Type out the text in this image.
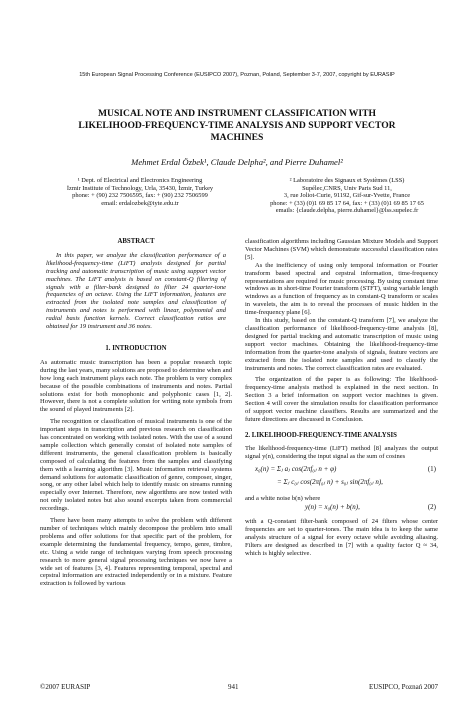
15th European Signal Processing Conference (EUSIPCO 2007), Poznan, Poland, September 3-7, 2007, copyright by EURASIP
MUSICAL NOTE AND INSTRUMENT CLASSIFICATION WITH
LIKELIHOOD-FREQUENCY-TIME ANALYSIS AND SUPPORT VECTOR
MACHINES
Mehmet Erdal Özbek¹, Claude Delpha², and Pierre Duhamel²
¹ Dept. of Electrical and Electronics Engineering
İzmir Institute of Technology, Urla, 35430, İzmir, Turkey
phone: + (90) 232 7506595, fax: + (90) 232 7506599
email: erdalozbek@iyte.edu.tr
² Laboratoire des Signaux et Systèmes (LSS)
Supélec,CNRS, Univ Paris Sud 11,
3, rue Joliot-Curie, 91192, Gif-sur-Yvette, France
phone: + (33) (0)1 69 85 17 64, fax: + (33) (0)1 69 85 17 65
emails: {claude.delpha, pierre.duhamel}@lss.supelec.fr
ABSTRACT

In this paper, we analyze the classification performance of a likelihood-frequency-time (LiFT) analysis designed for partial tracking and automatic transcription of music using support vector machines. The LiFT analysis is based on constant-Q filtering of signals with a filter-bank designed to filter 24 quarter-tone frequencies of an octave. Using the LiFT information, features are extracted from the isolated note samples and classification of instruments and notes is performed with linear, polynomial and radial basis function kernels. Correct classification ratios are obtained for 19 instrument and 36 notes.

1. INTRODUCTION

As automatic music transcription has been a popular research topic during the last years, many solutions are proposed to determine when and how long each instrument plays each note. The problem is very complex because of the possible combinations of instruments and notes. Partial solutions exist for both monophonic and polyphonic cases [1, 2]. However, there is not a complete solution for writing note symbols from the sound of played instruments [2].

The recognition or classification of musical instruments is one of the important steps in transcription and previous research on classification has concentrated on working with isolated notes. With the use of a sound sample collection which generally consist of isolated note samples of different instruments, the general classification problem is basically composed of calculating the features from the samples and classifying them with a learning algorithm [3]. Music information retrieval systems demand solutions for automatic classification of genre, composer, singer, song, or any other label which help to identify music on streams running especially over Internet. Therefore, new algorithms are now tested with not only isolated notes but also sound excerpts taken from commercial recordings.

There have been many attempts to solve the problem with different number of techniques which mainly decompose the problem into small problems and offer solutions for that specific part of the problem, for example determining the fundamental frequency, tempo, genre, timbre, etc. Using a wide range of techniques varying from speech processing research to more general signal processing techniques we now have a wide set of features [3, 4]. Features representing temporal, spectral and cepstral information are extracted independently or in a mixture. Feature extraction is followed by various

classification algorithms including Gaussian Mixture Models and Support Vector Machines (SVM) which demonstrate successful classification rates [5].

As the inefficiency of using only temporal information or Fourier transform based spectral and cepstral information, time-frequency representations are required for music processing. By using constant time windows as in short-time Fourier transform (STFT), using variable length windows as a function of frequency as in constant-Q transform or scales in wavelets, the aim is to reveal the processes of music hidden in the time-frequency plane [6].

In this study, based on the constant-Q transform [7], we analyze the classification performance of likelihood-frequency-time analysis [8], designed for partial tracking and automatic transcription of music using support vector machines. Obtaining the likelihood-frequency-time information from the quarter-tone analysis of signals, feature vectors are extracted from the isolated note samples and used to classify the instruments and notes. The correct classification rates are evaluated.

The organization of the paper is as following: The likelihood-frequency-time analysis method is explained in the next section. In Section 3 a brief information on support vector machines is given. Section 4 will cover the simulation results for classification performance of support vector machine classifiers. Results are summarized and the future directions are discussed in Conclusion.

2. LIKELIHOOD-FREQUENCY-TIME ANALYSIS

The likelihood-frequency-time (LiFT) method [8] analyzes the output signal y(n), considering the input signal as the sum of cosines

x₀(n) = Σⱼ aⱼ cos(2πf₀ⱼ n + φ)
= Σⱼ c₀ⱼ cos(2πf₀ⱼ n) + s₀ⱼ sin(2πf₀ⱼ n),
(1)

and a white noise b(n) where

y(n) = x₀(n) + b(n),	(2)

with a Q-constant filter-bank composed of 24 filters whose center frequencies are set to quarter-tones. The main idea is to keep the same analysis structure of a signal for every octave while avoiding aliasing. Filters are designed as described in [7] with a quality factor Q ≈ 34, which is highly selective.

©2007 EURASIP	941	EUSIPCO, Poznań 2007
